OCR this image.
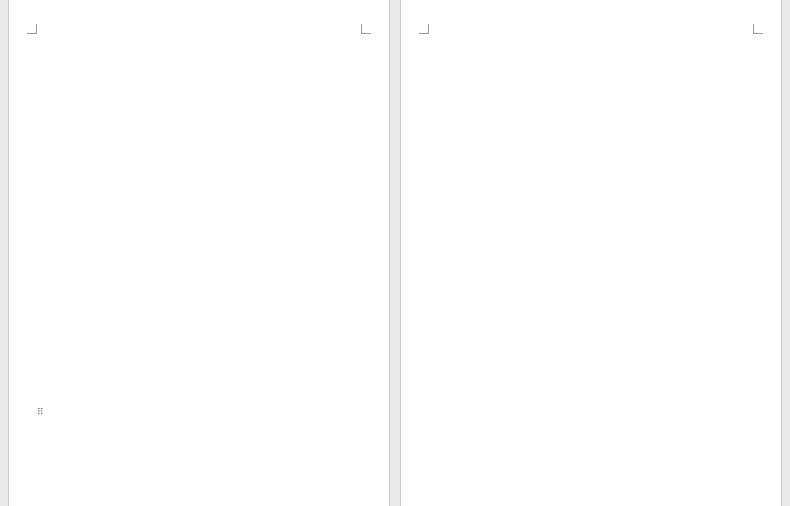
⠿
